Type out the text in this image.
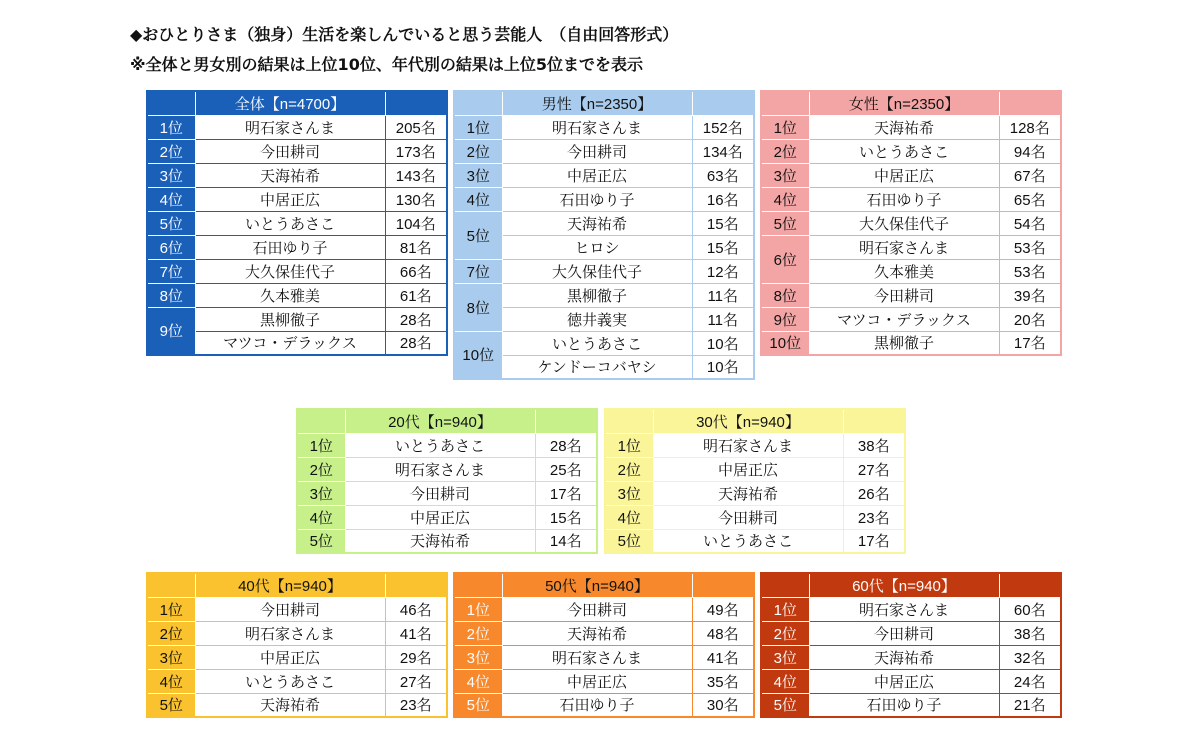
◆おひとりさま（独身）生活を楽しんでいると思う芸能人　（自由回答形式）
※全体と男女別の結果は上位10位、年代別の結果は上位5位までを表示
	全体【n=4700】	
1位	明石家さんま	205名
2位	今田耕司	173名
3位	天海祐希	143名
4位	中居正広	130名
5位	いとうあさこ	104名
6位	石田ゆり子	81名
7位	大久保佳代子	66名
8位	久本雅美	61名
9位	黒柳徹子	28名
	マツコ・デラックス	28名
	男性【n=2350】	
1位	明石家さんま	152名
2位	今田耕司	134名
3位	中居正広	63名
4位	石田ゆり子	16名
5位	天海祐希	15名
	ヒロシ	15名
7位	大久保佳代子	12名
8位	黒柳徹子	11名
	徳井義実	11名
10位	いとうあさこ	10名
	ケンドーコバヤシ	10名
	女性【n=2350】	
1位	天海祐希	128名
2位	いとうあさこ	94名
3位	中居正広	67名
4位	石田ゆり子	65名
5位	大久保佳代子	54名
6位	明石家さんま	53名
	久本雅美	53名
8位	今田耕司	39名
9位	マツコ・デラックス	20名
10位	黒柳徹子	17名
	20代【n=940】	
1位	いとうあさこ	28名
2位	明石家さんま	25名
3位	今田耕司	17名
4位	中居正広	15名
5位	天海祐希	14名
	30代【n=940】	
1位	明石家さんま	38名
2位	中居正広	27名
3位	天海祐希	26名
4位	今田耕司	23名
5位	いとうあさこ	17名
	40代【n=940】	
1位	今田耕司	46名
2位	明石家さんま	41名
3位	中居正広	29名
4位	いとうあさこ	27名
5位	天海祐希	23名
	50代【n=940】	
1位	今田耕司	49名
2位	天海祐希	48名
3位	明石家さんま	41名
4位	中居正広	35名
5位	石田ゆり子	30名
	60代【n=940】	
1位	明石家さんま	60名
2位	今田耕司	38名
3位	天海祐希	32名
4位	中居正広	24名
5位	石田ゆり子	21名
